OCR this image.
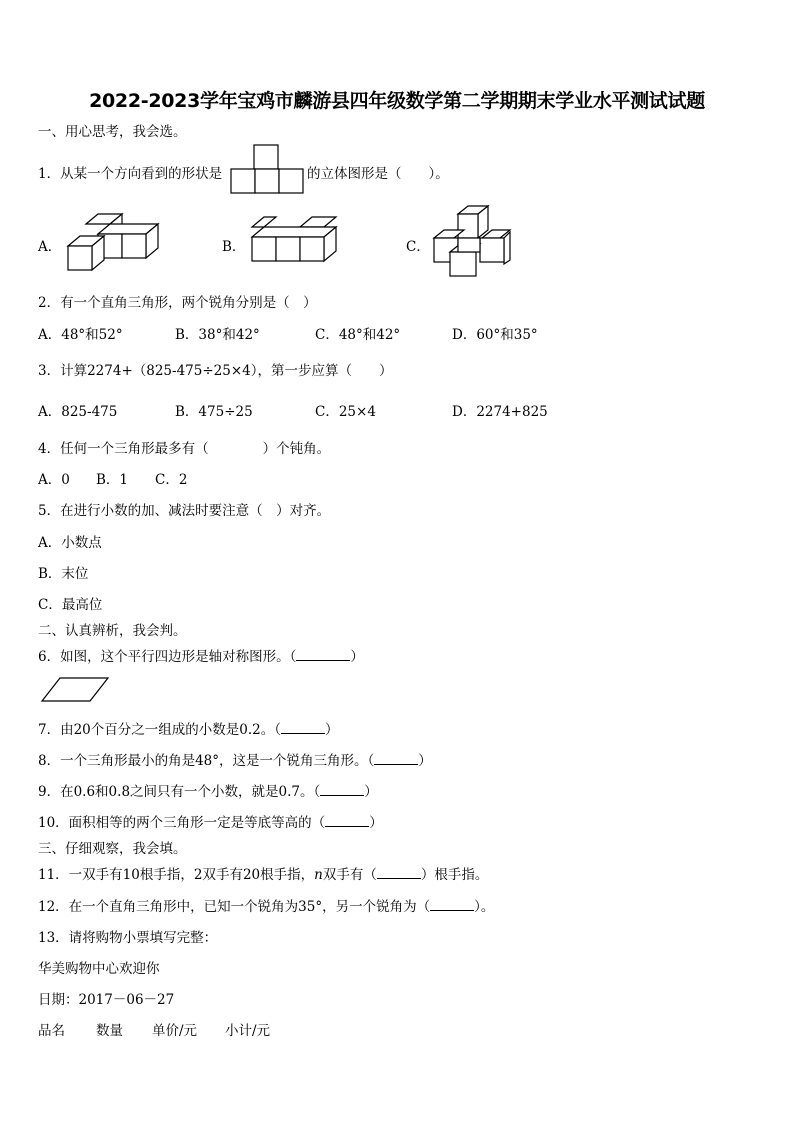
2022-2023学年宝鸡市麟游县四年级数学第二学期期末学业水平测试试题
一、用心思考，我会选。
1．从某一个方向看到的形状是	的立体图形是（　　）。
A．	B．	C．
2．有一个直角三角形，两个锐角分别是（　）
A．48°和52°	B．38°和42°	C．48°和42°	D．60°和35°
3．计算2274+（825-475÷25×4），第一步应算（　　）
A．825-475	B．475÷25	C．25×4	D．2274+825
4．任何一个三角形最多有（　　　　）个钝角。
A．0 B．1 C．2
5．在进行小数的加、减法时要注意（　）对齐。
A．小数点
B．末位
C．最高位
二、认真辨析，我会判。
6．如图，这个平行四边形是轴对称图形。（	）
7．由20个百分之一组成的小数是0.2。（	）
8．一个三角形最小的角是48°，这是一个锐角三角形。（	）
9．在0.6和0.8之间只有一个小数，就是0.7。（	）
10．面积相等的两个三角形一定是等底等高的（	）
三、仔细观察，我会填。
11．一双手有10根手指，2双手有20根手指，n双手有（	）根手指。
12．在一个直角三角形中，已知一个锐角为35°，另一个锐角为（	）。
13．请将购物小票填写完整：
华美购物中心欢迎你
日期：2017－06－27
品名 数量 单价/元 小计/元
